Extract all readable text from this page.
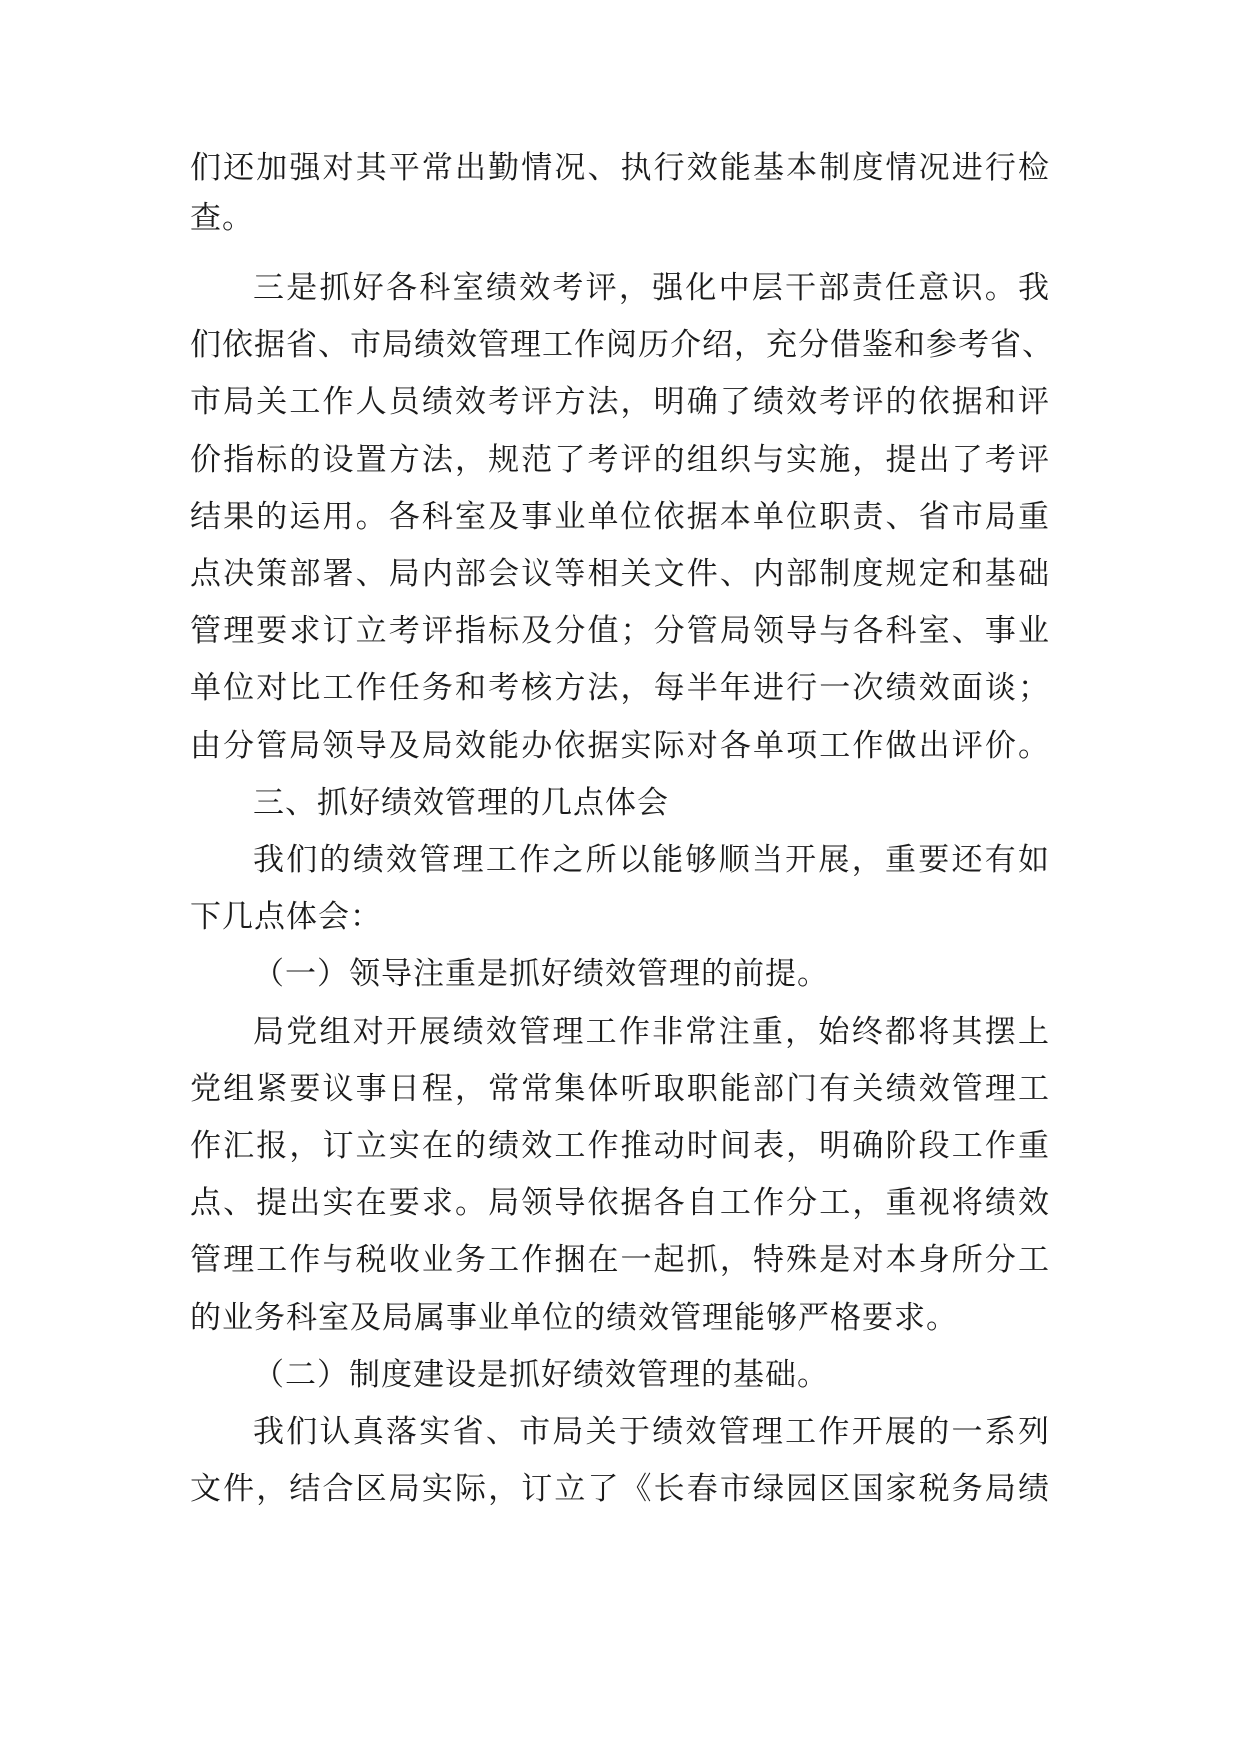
们还加强对其平常出勤情况、执行效能基本制度情况进行检
查。
三是抓好各科室绩效考评，强化中层干部责任意识。我
们依据省、市局绩效管理工作阅历介绍，充分借鉴和参考省、
市局关工作人员绩效考评方法，明确了绩效考评的依据和评
价指标的设置方法，规范了考评的组织与实施，提出了考评
结果的运用。各科室及事业单位依据本单位职责、省市局重
点决策部署、局内部会议等相关文件、内部制度规定和基础
管理要求订立考评指标及分值；分管局领导与各科室、事业
单位对比工作任务和考核方法，每半年进行一次绩效面谈；
由分管局领导及局效能办依据实际对各单项工作做出评价。
三、抓好绩效管理的几点体会
我们的绩效管理工作之所以能够顺当开展，重要还有如
下几点体会：
（一）领导注重是抓好绩效管理的前提。
局党组对开展绩效管理工作非常注重，始终都将其摆上
党组紧要议事日程，常常集体听取职能部门有关绩效管理工
作汇报，订立实在的绩效工作推动时间表，明确阶段工作重
点、提出实在要求。局领导依据各自工作分工，重视将绩效
管理工作与税收业务工作捆在一起抓，特殊是对本身所分工
的业务科室及局属事业单位的绩效管理能够严格要求。
（二）制度建设是抓好绩效管理的基础。
我们认真落实省、市局关于绩效管理工作开展的一系列
文件，结合区局实际，订立了《长春市绿园区国家税务局绩
